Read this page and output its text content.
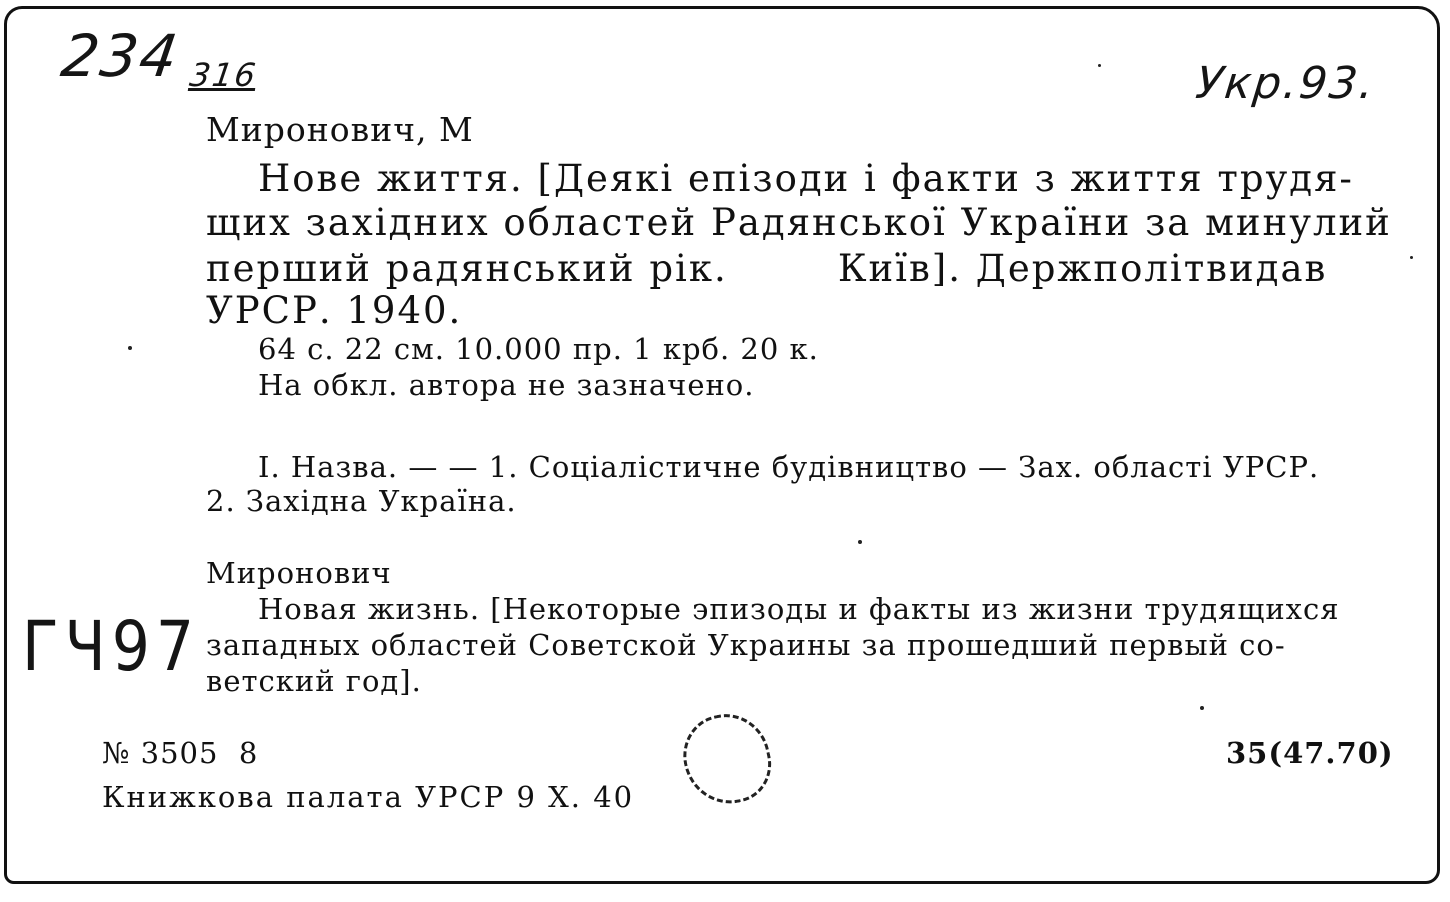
234 316	Укр.93.
ГЧ97
Миронович, М
Нове життя. [Деякі епізоди і факти з життя трудя-
щих західних областей Радянської України за минулий
перший радянський рік.        Київ]. Держполітвидав
УРСР. 1940.
64 с. 22 см. 10.000 пр. 1 крб. 20 к.
На обкл. автора не зазначено.
I. Назва. — — 1. Соціалістичне будівництво — Зах. області УРСР.
2. Західна Україна.
Миронович
Новая жизнь. [Некоторые эпизоды и факты из жизни трудящихся
западных областей Советской Украины за прошедший первый со-
ветский год].
№ 3505  8
Книжкова палата УРСР 9 X. 40
35(47.70)
